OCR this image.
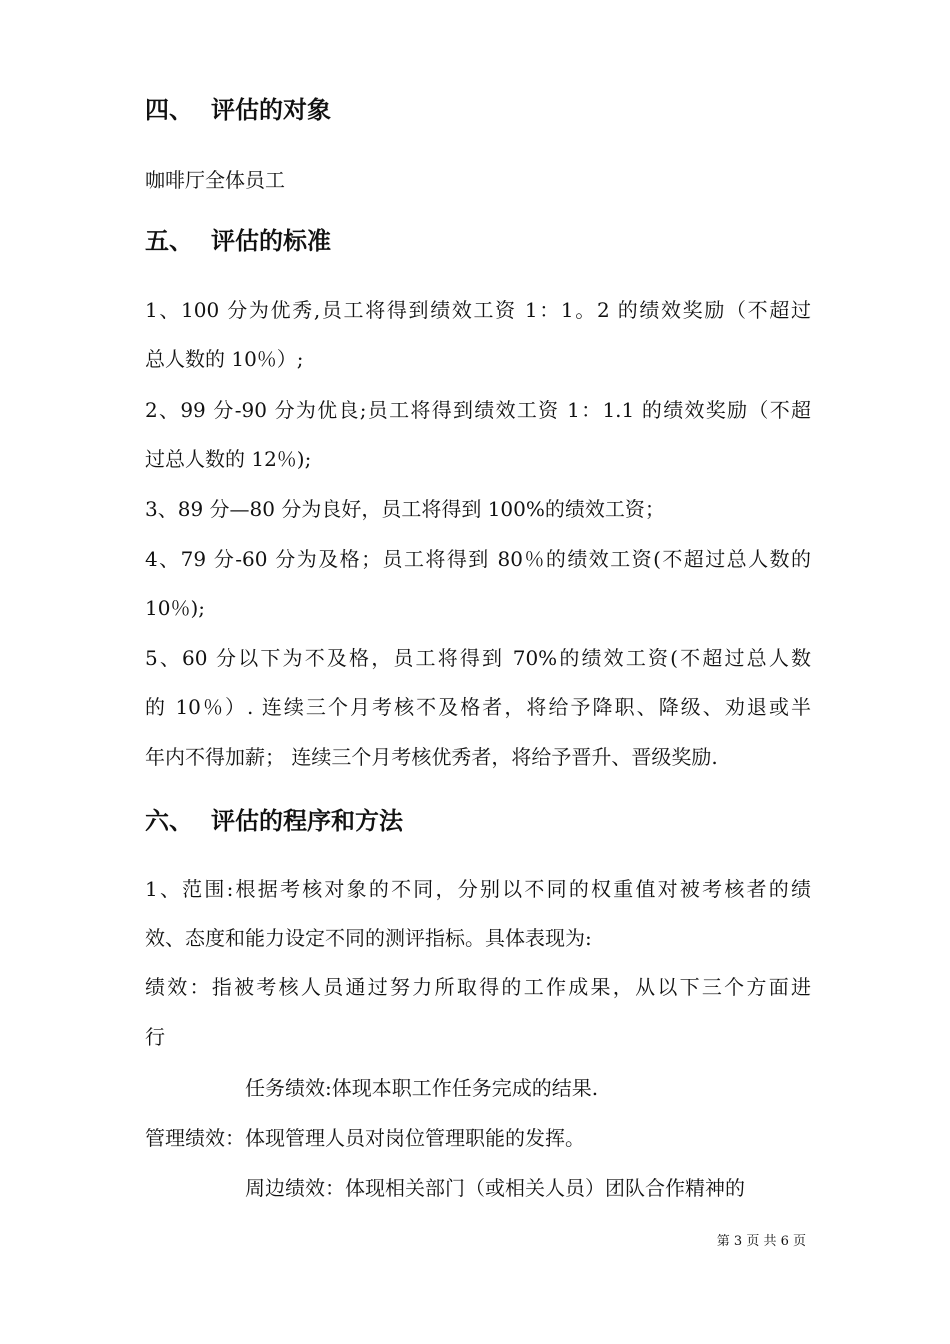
四、 评估的对象
咖啡厅全体员工
五、 评估的标准
1、100 分为优秀,员工将得到绩效工资 1：1。2 的绩效奖励（不超过
总人数的 10％）;
2、99 分-90 分为优良;员工将得到绩效工资 1：1.1 的绩效奖励（不超
过总人数的 12％);
3、89 分—80 分为良好，员工将得到 100%的绩效工资；
4、79 分-60 分为及格；员工将得到 80％的绩效工资(不超过总人数的
10％);
5、60 分以下为不及格，员工将得到 70%的绩效工资(不超过总人数
的 10％）. 连续三个月考核不及格者，将给予降职、降级、劝退或半
年内不得加薪； 连续三个月考核优秀者，将给予晋升、晋级奖励.
六、 评估的程序和方法
1、范围:根据考核对象的不同，分别以不同的权重值对被考核者的绩
效、态度和能力设定不同的测评指标。具体表现为:
绩效：指被考核人员通过努力所取得的工作成果，从以下三个方面进
行
任务绩效:体现本职工作任务完成的结果.
管理绩效：体现管理人员对岗位管理职能的发挥。
周边绩效：体现相关部门（或相关人员）团队合作精神的
第 3 页 共 6 页
